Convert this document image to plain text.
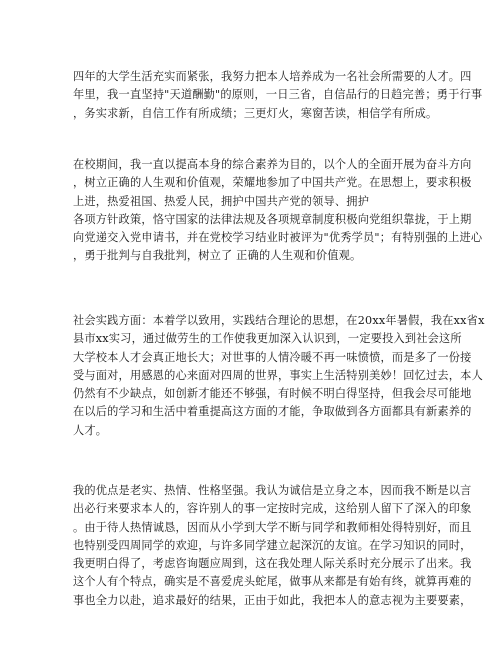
四年的大学生活充实而紧张，我努力把本人培养成为一名社会所需要的人才。四
年里，我一直坚持"天道酬勤"的原则，一日三省，自信品行的日趋完善；勇于行事
，务实求新，自信工作有所成绩；三更灯火，寒窗苦读，相信学有所成。
在校期间，我一直以提高本身的综合素养为目的，以个人的全面开展为奋斗方向
，树立正确的人生观和价值观，荣耀地参加了中国共产党。在思想上，要求积极
上进，热爱祖国、热爱人民，拥护中国共产党的领导、拥护
各项方针政策，恪守国家的法律法规及各项规章制度积极向党组织靠拢，于上期
向党递交入党申请书，并在党校学习结业时被评为"优秀学员"；有特别强的上进心
，勇于批判与自我批判，树立了 正确的人生观和价值观。
社会实践方面：本着学以致用，实践结合理论的思想，在20xx年暑假，我在xx省x
县市xx实习，通过做劳生的工作使我更加深入认识到，一定要投入到社会这所
大学校本人才会真正地长大；对世事的人情冷暖不再一味愤愤，而是多了一份接
受与面对，用感恩的心来面对四周的世界，事实上生活特别美妙！回忆过去，本人
仍然有不少缺点，如创新才能还不够强，有时候不明白得坚持，但我会尽可能地
在以后的学习和生活中着重提高这方面的才能，争取做到各方面都具有新素养的
人才。
我的优点是老实、热情、性格坚强。我认为诚信是立身之本，因而我不断是以言
出必行来要求本人的，容许别人的事一定按时完成，这给别人留下了深入的印象
。由于待人热情诚恳，因而从小学到大学不断与同学和教师相处得特别好，而且
也特别受四周同学的欢迎，与许多同学建立起深沉的友谊。在学习知识的同时，
我更明白得了，考虑咨询题应周到，这在我处理人际关系时充分展示了出来。我
这个人有个特点，确实是不喜爱虎头蛇尾，做事从来都是有始有终，就算再难的
事也全力以赴，追求最好的结果，正由于如此，我把本人的意志视为主要要素，
